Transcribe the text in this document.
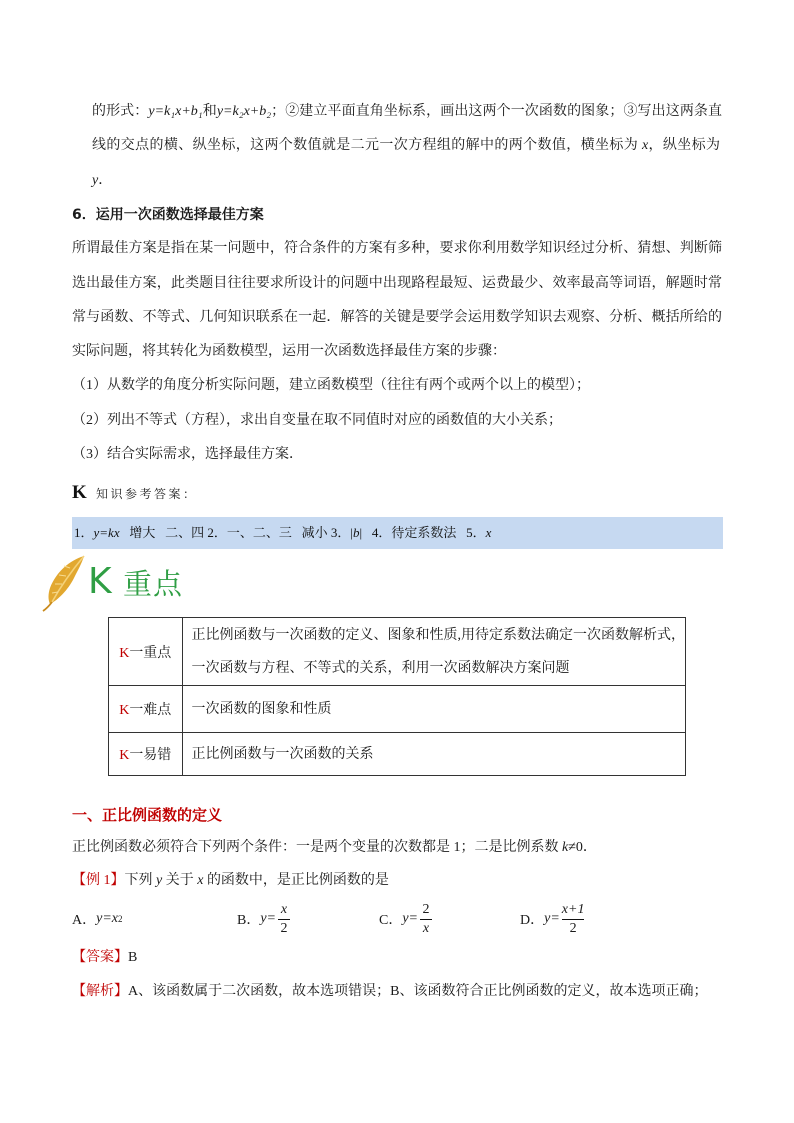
的形式：y=k₁x+b₁和y=k₂x+b₂；②建立平面直角坐标系，画出这两个一次函数的图象；③写出这两条直
线的交点的横、纵坐标，这两个数值就是二元一次方程组的解中的两个数值，横坐标为 x，纵坐标为
y．
6．运用一次函数选择最佳方案
所谓最佳方案是指在某一问题中，符合条件的方案有多种，要求你利用数学知识经过分析、猜想、判断筛
选出最佳方案，此类题目往往要求所设计的问题中出现路程最短、运费最少、效率最高等词语，解题时常
常与函数、不等式、几何知识联系在一起．解答的关键是要学会运用数学知识去观察、分析、概括所给的
实际问题，将其转化为函数模型，运用一次函数选择最佳方案的步骤：
（1）从数学的角度分析实际问题，建立函数模型（往往有两个或两个以上的模型）；
（2）列出不等式（方程），求出自变量在取不同值时对应的函数值的大小关系；
（3）结合实际需求，选择最佳方案．
K 知识参考答案：
1．y=kx   增大   二、四 2．一、二、三   减小 3．|b|   4．待定系数法   5．x
K 重点
K一重点	正比例函数与一次函数的定义、图象和性质,用待定系数法确定一次函数解析式，
一次函数与方程、不等式的关系，利用一次函数解决方案问题

K一难点	一次函数的图象和性质

K一易错	正比例函数与一次函数的关系
一、正比例函数的定义
正比例函数必须符合下列两个条件：一是两个变量的次数都是 1；二是比例系数 k≠0．
【例 1】下列 y 关于 x 的函数中，是正比例函数的是
A． y=x 2	B． $y= \frac{x}{2}$	C． $y= \frac{2}{x}$	D． $y= \frac{x+1}{2}$
【答案】B
【解析】A、该函数属于二次函数，故本选项错误；B、该函数符合正比例函数的定义，故本选项正确；
